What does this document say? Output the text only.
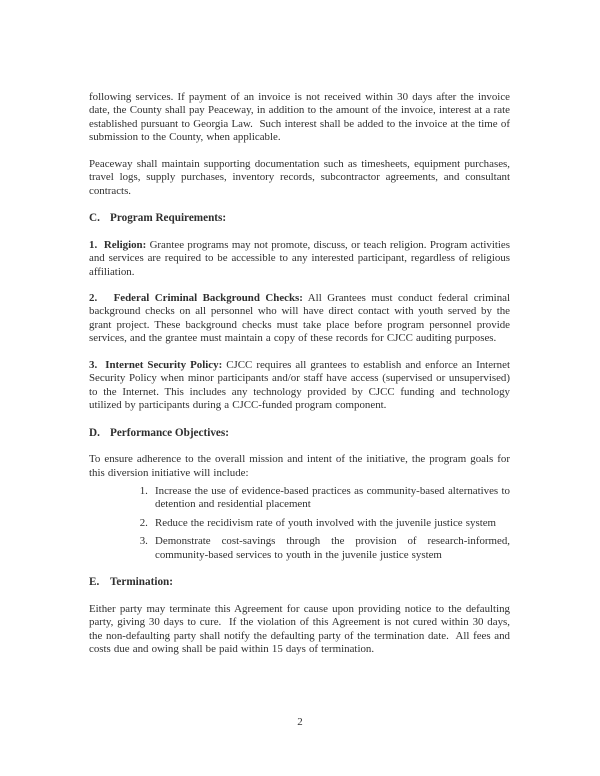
following services. If payment of an invoice is not received within 30 days after the invoice date, the County shall pay Peaceway, in addition to the amount of the invoice, interest at a rate established pursuant to Georgia Law.  Such interest shall be added to the invoice at the time of submission to the County, when applicable.

Peaceway shall maintain supporting documentation such as timesheets, equipment purchases, travel logs, supply purchases, inventory records, subcontractor agreements, and consultant contracts.

C. Program Requirements:

1.  Religion: Grantee programs may not promote, discuss, or teach religion. Program activities and services are required to be accessible to any interested participant, regardless of religious affiliation.

2.   Federal Criminal Background Checks: All Grantees must conduct federal criminal background checks on all personnel who will have direct contact with youth served by the grant project. These background checks must take place before program personnel provide services, and the grantee must maintain a copy of these records for CJCC auditing purposes.

3.  Internet Security Policy: CJCC requires all grantees to establish and enforce an Internet Security Policy when minor participants and/or staff have access (supervised or unsupervised) to the Internet. This includes any technology provided by CJCC funding and technology utilized by participants during a CJCC-funded program component.

D. Performance Objectives:

To ensure adherence to the overall mission and intent of the initiative, the program goals for this diversion initiative will include:

1. Increase the use of evidence-based practices as community-based alternatives to detention and residential placement
2. Reduce the recidivism rate of youth involved with the juvenile justice system
3. Demonstrate cost-savings through the provision of research-informed, community-based services to youth in the juvenile justice system
E. Termination:

Either party may terminate this Agreement for cause upon providing notice to the defaulting party, giving 30 days to cure.  If the violation of this Agreement is not cured within 30 days, the non-defaulting party shall notify the defaulting party of the termination date.  All fees and costs due and owing shall be paid within 15 days of termination.

2
